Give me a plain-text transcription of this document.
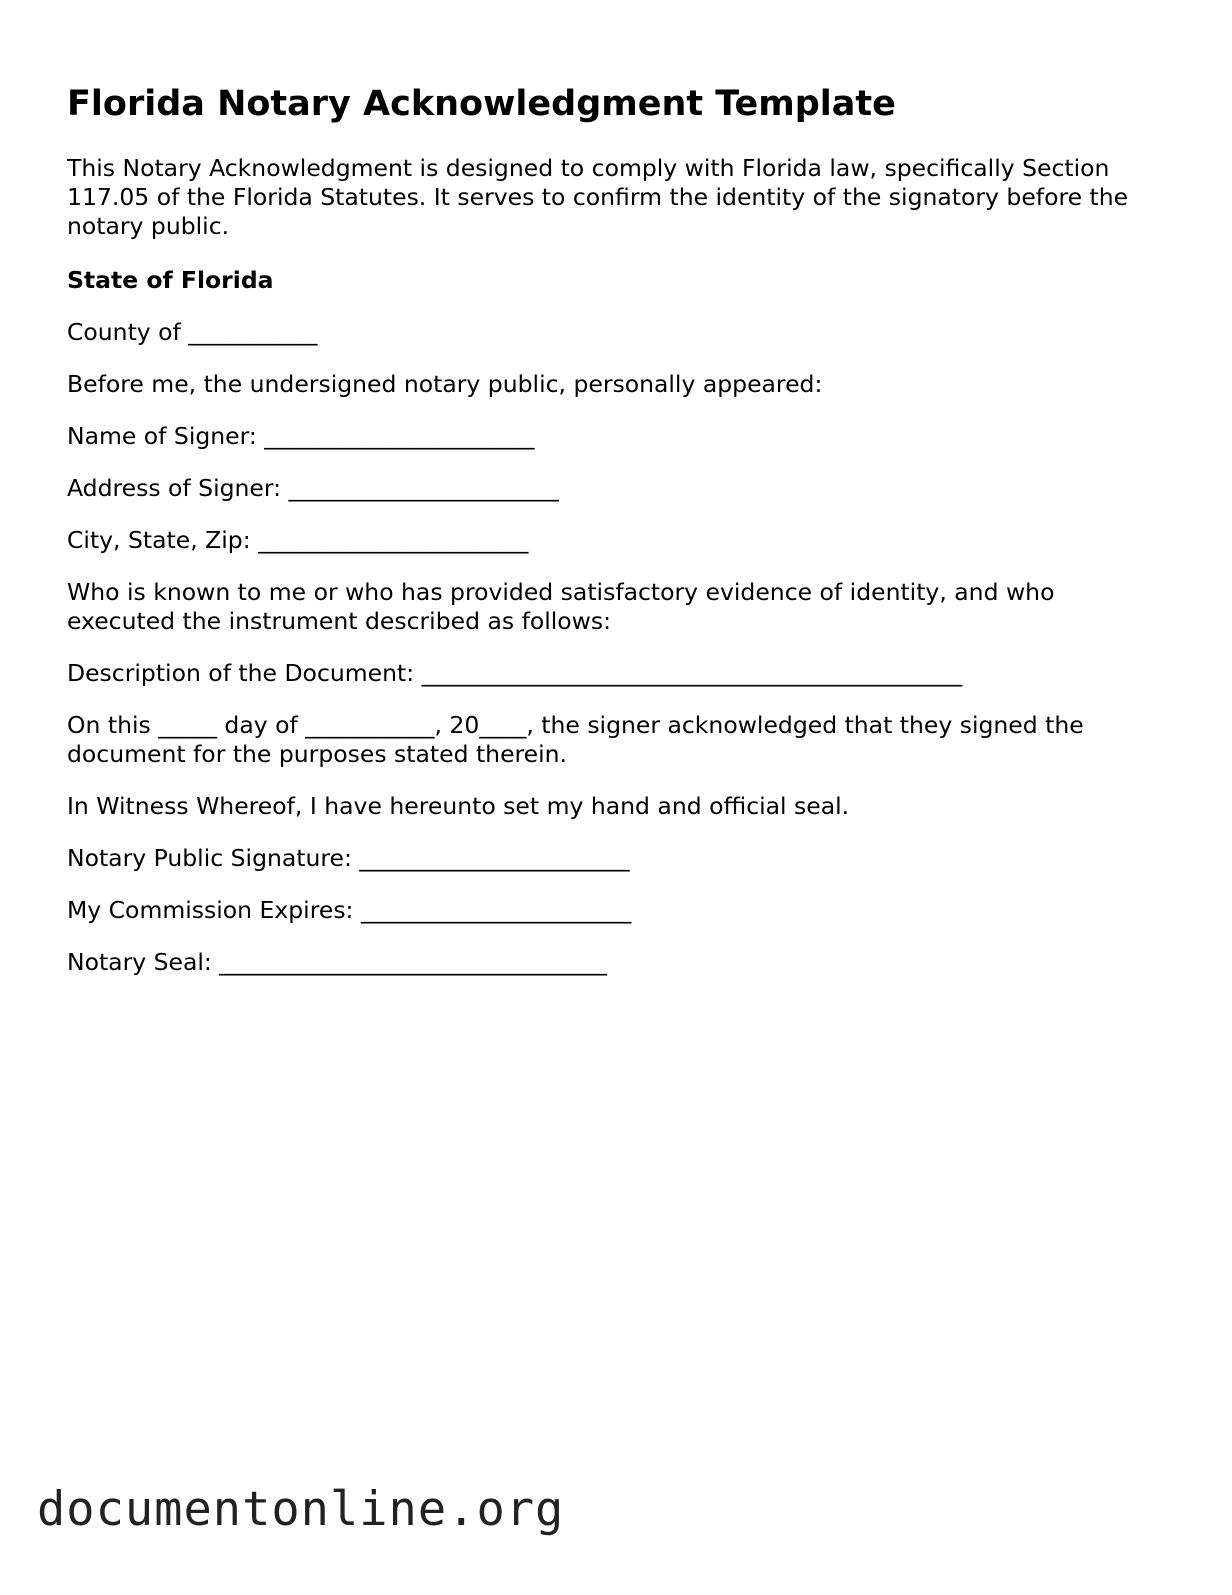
Florida Notary Acknowledgment Template

This Notary Acknowledgment is designed to comply with Florida law, specifically Section 117.05 of the Florida Statutes. It serves to confirm the identity of the signatory before the notary public.

State of Florida

County of ___________

Before me, the undersigned notary public, personally appeared:

Name of Signer: _______________________

Address of Signer: _______________________

City, State, Zip: _______________________

Who is known to me or who has provided satisfactory evidence of identity, and who executed the instrument described as follows:

Description of the Document: ______________________________________________

On this _____ day of ___________, 20____, the signer acknowledged that they signed the document for the purposes stated therein.

In Witness Whereof, I have hereunto set my hand and official seal.

Notary Public Signature: _______________________

My Commission Expires: _______________________

Notary Seal: _________________________________

documentonline.org
